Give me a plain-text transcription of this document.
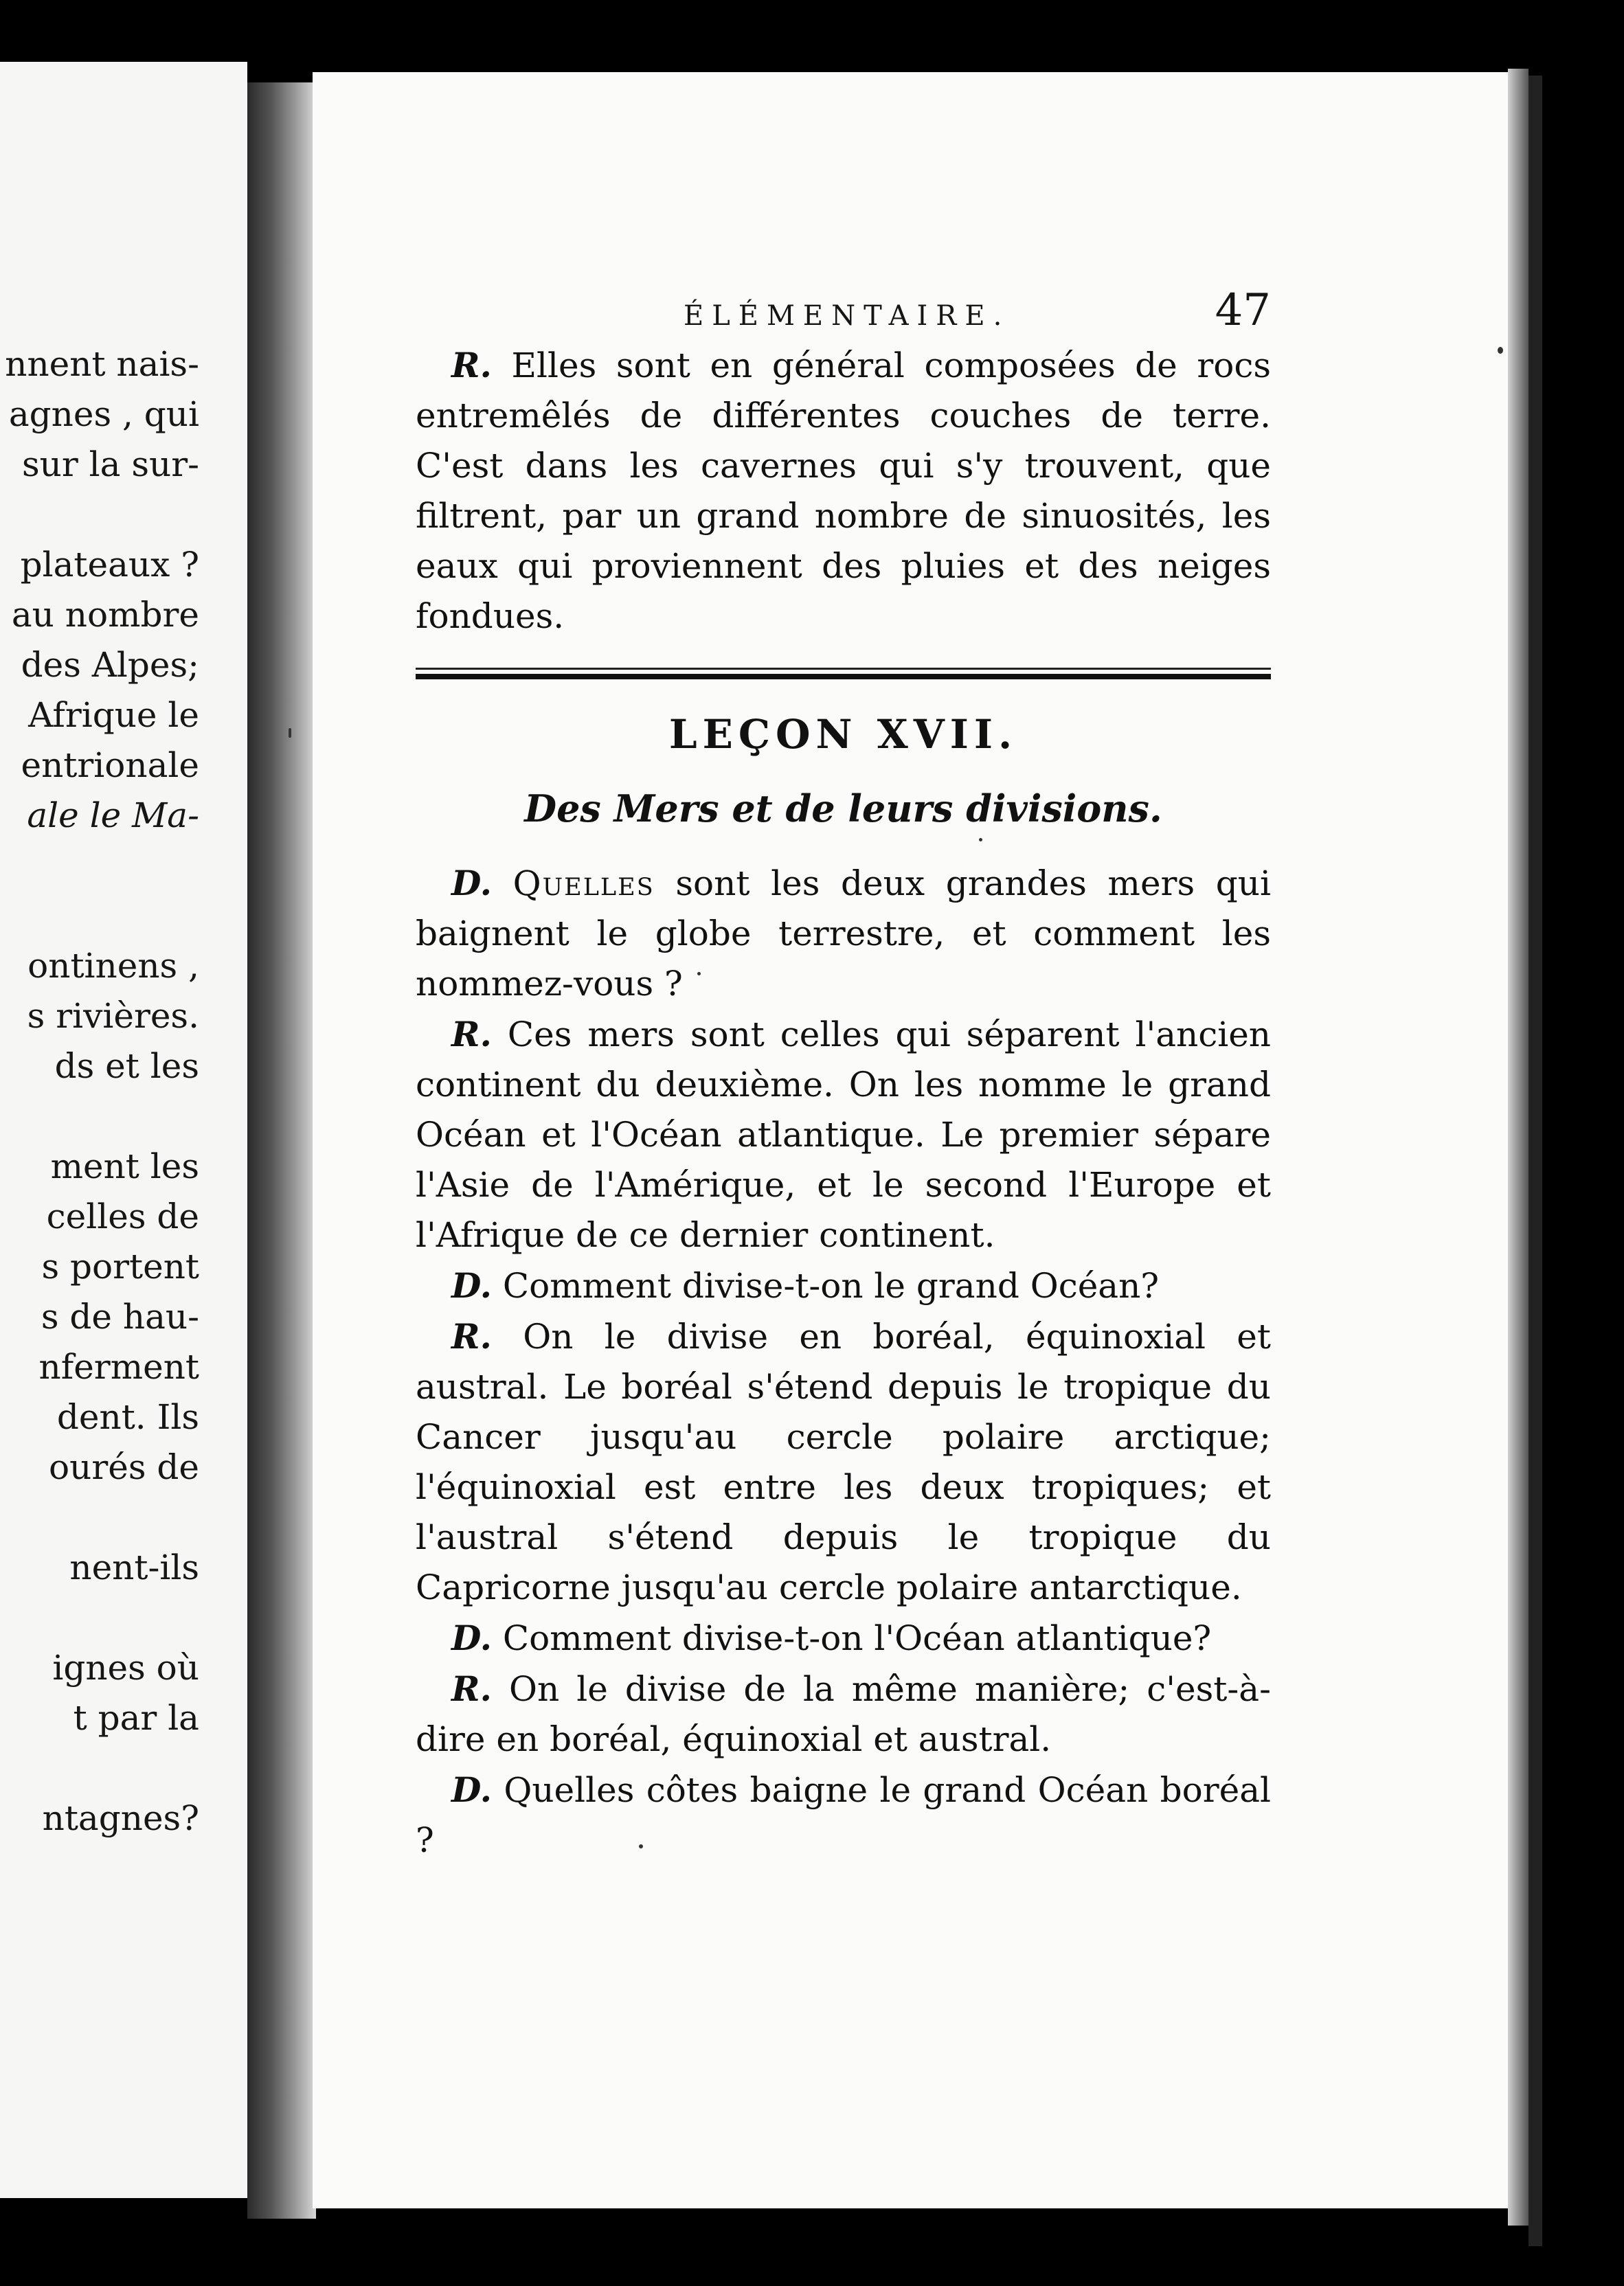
nnent nais-
agnes , qui
sur la sur-
plateaux ?
au nombre
des Alpes;
Afrique le
entrionale
ale le Ma-
ontinens ,
s rivières.
ds et les
ment les
celles de
s portent
s de hau-
nferment
dent. Ils
ourés de
nent-ils
ignes où
t par la
ntagnes?
ÉLÉMENTAIRE.	47

R. Elles sont en général composées de rocs entremêlés de différentes couches de terre. C'est dans les cavernes qui s'y trouvent, que filtrent, par un grand nombre de sinuosités, les eaux qui proviennent des pluies et des neiges fondues.

LEÇON XVII.
Des Mers et de leurs divisions.

D. Quelles sont les deux grandes mers qui baignent le globe terrestre, et comment les nommez-vous ?

R. Ces mers sont celles qui séparent l'ancien continent du deuxième. On les nomme le grand Océan et l'Océan atlantique. Le premier sépare l'Asie de l'Amérique, et le second l'Europe et l'Afrique de ce dernier continent.

D. Comment divise-t-on le grand Océan?

R. On le divise en boréal, équinoxial et austral. Le boréal s'étend depuis le tropique du Cancer jusqu'au cercle polaire arctique; l'équinoxial est entre les deux tropiques; et l'austral s'étend depuis le tropique du Capricorne jusqu'au cercle polaire antarctique.

D. Comment divise-t-on l'Océan atlantique?

R. On le divise de la même manière; c'est-à-dire en boréal, équinoxial et austral.

D. Quelles côtes baigne le grand Océan boréal ?
